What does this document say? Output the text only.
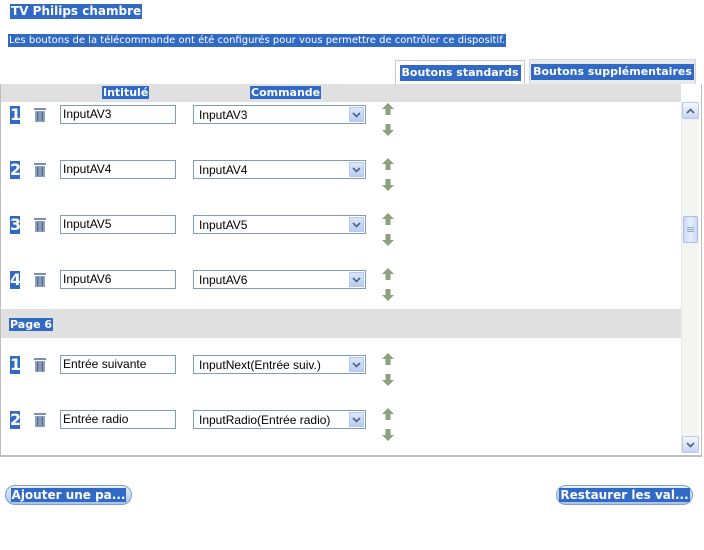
TV Philips chambre
Les boutons de la télécommande ont été configurés pour vous permettre de contrôler ce dispositif.
Boutons standards Boutons supplémentaires
Intitulé	Commande
1
InputAV3	InputAV3
2
InputAV4	InputAV4
3
InputAV5	InputAV5
4
InputAV6	InputAV6
Page 6
1
Entrée suivante	InputNext(Entrée suiv.)
2
Entrée radio	InputRadio(Entrée radio)
Ajouter une pa...	Restaurer les val...
